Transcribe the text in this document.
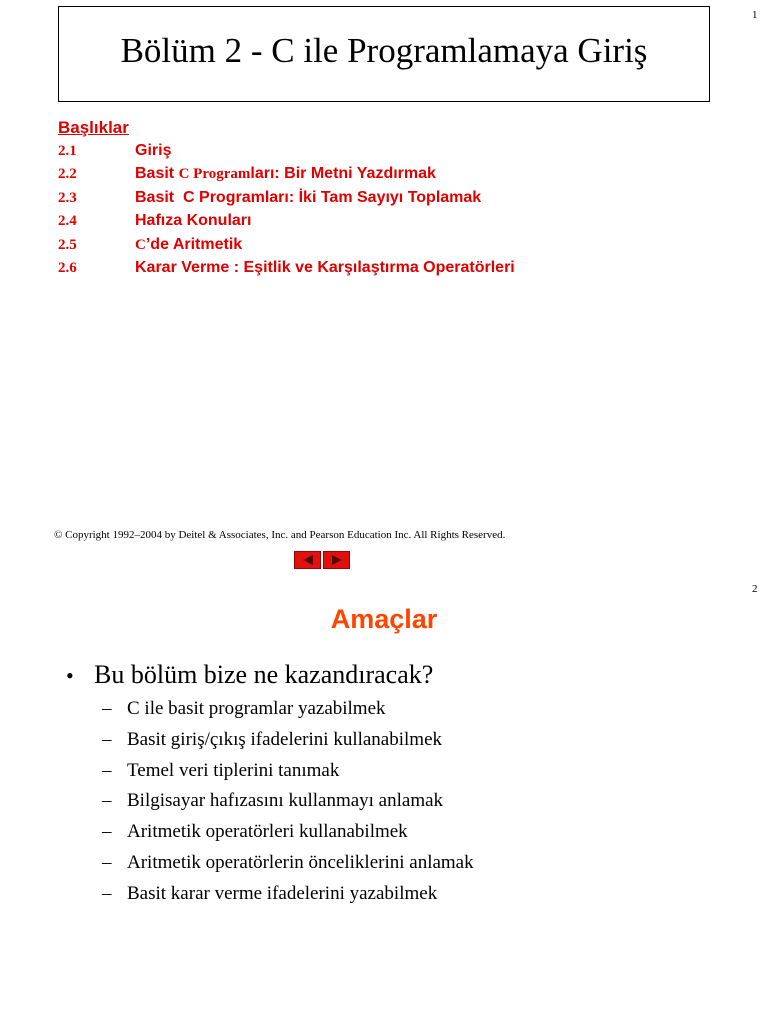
1
Bölüm 2 - C ile Programlamaya Giriş
Başlıklar
2.1	Giriş
2.2	Basit C Programları: Bir Metni Yazdırmak
2.3	Basit  C Programları: İki Tam Sayıyı Toplamak
2.4	Hafıza Konuları
2.5	C’de Aritmetik
2.6	Karar Verme : Eşitlik ve Karşılaştırma Operatörleri
© Copyright 1992–2004 by Deitel & Associates, Inc. and Pearson Education Inc. All Rights Reserved.
2
Amaçlar
• Bu bölüm bize ne kazandıracak?
– C ile basit programlar yazabilmek
– Basit giriş/çıkış ifadelerini kullanabilmek
– Temel veri tiplerini tanımak
– Bilgisayar hafızasını kullanmayı anlamak
– Aritmetik operatörleri kullanabilmek
– Aritmetik operatörlerin önceliklerini anlamak
– Basit karar verme ifadelerini yazabilmek
